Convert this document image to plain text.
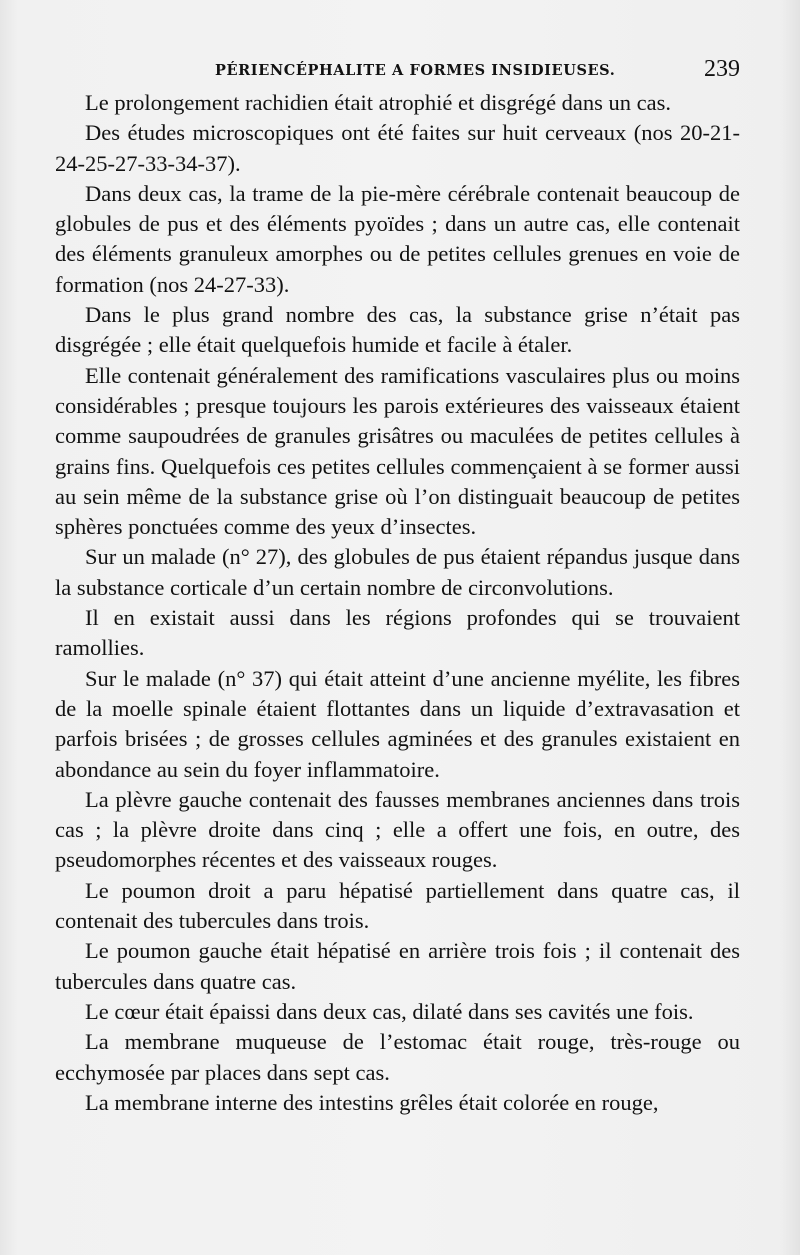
PÉRIENCÉPHALITE A FORMES INSIDIEUSES.	239

Le prolongement rachidien était atrophié et disgrégé dans un cas.

Des études microscopiques ont été faites sur huit cerveaux (nos 20-21-24-25-27-33-34-37).

Dans deux cas, la trame de la pie-mère cérébrale contenait beaucoup de globules de pus et des éléments pyoïdes ; dans un autre cas, elle contenait des éléments granuleux amorphes ou de petites cellules grenues en voie de formation (nos 24-27-33).

Dans le plus grand nombre des cas, la substance grise n’était pas disgrégée ; elle était quelquefois humide et facile à étaler.

Elle contenait généralement des ramifications vasculaires plus ou moins considérables ; presque toujours les parois extérieures des vaisseaux étaient comme saupoudrées de granules grisâtres ou maculées de petites cellules à grains fins. Quelquefois ces petites cellules commençaient à se former aussi au sein même de la substance grise où l’on distinguait beaucoup de petites sphères ponctuées comme des yeux d’insectes.

Sur un malade (n° 27), des globules de pus étaient répandus jusque dans la substance corticale d’un certain nombre de circonvolutions.

Il en existait aussi dans les régions profondes qui se trouvaient ramollies.

Sur le malade (n° 37) qui était atteint d’une ancienne myélite, les fibres de la moelle spinale étaient flottantes dans un liquide d’extravasation et parfois brisées ; de grosses cellules agminées et des granules existaient en abondance au sein du foyer inflammatoire.

La plèvre gauche contenait des fausses membranes anciennes dans trois cas ; la plèvre droite dans cinq ; elle a offert une fois, en outre, des pseudomorphes récentes et des vaisseaux rouges.

Le poumon droit a paru hépatisé partiellement dans quatre cas, il contenait des tubercules dans trois.

Le poumon gauche était hépatisé en arrière trois fois ; il contenait des tubercules dans quatre cas.

Le cœur était épaissi dans deux cas, dilaté dans ses cavités une fois.

La membrane muqueuse de l’estomac était rouge, très-rouge ou ecchymosée par places dans sept cas.

La membrane interne des intestins grêles était colorée en rouge,
